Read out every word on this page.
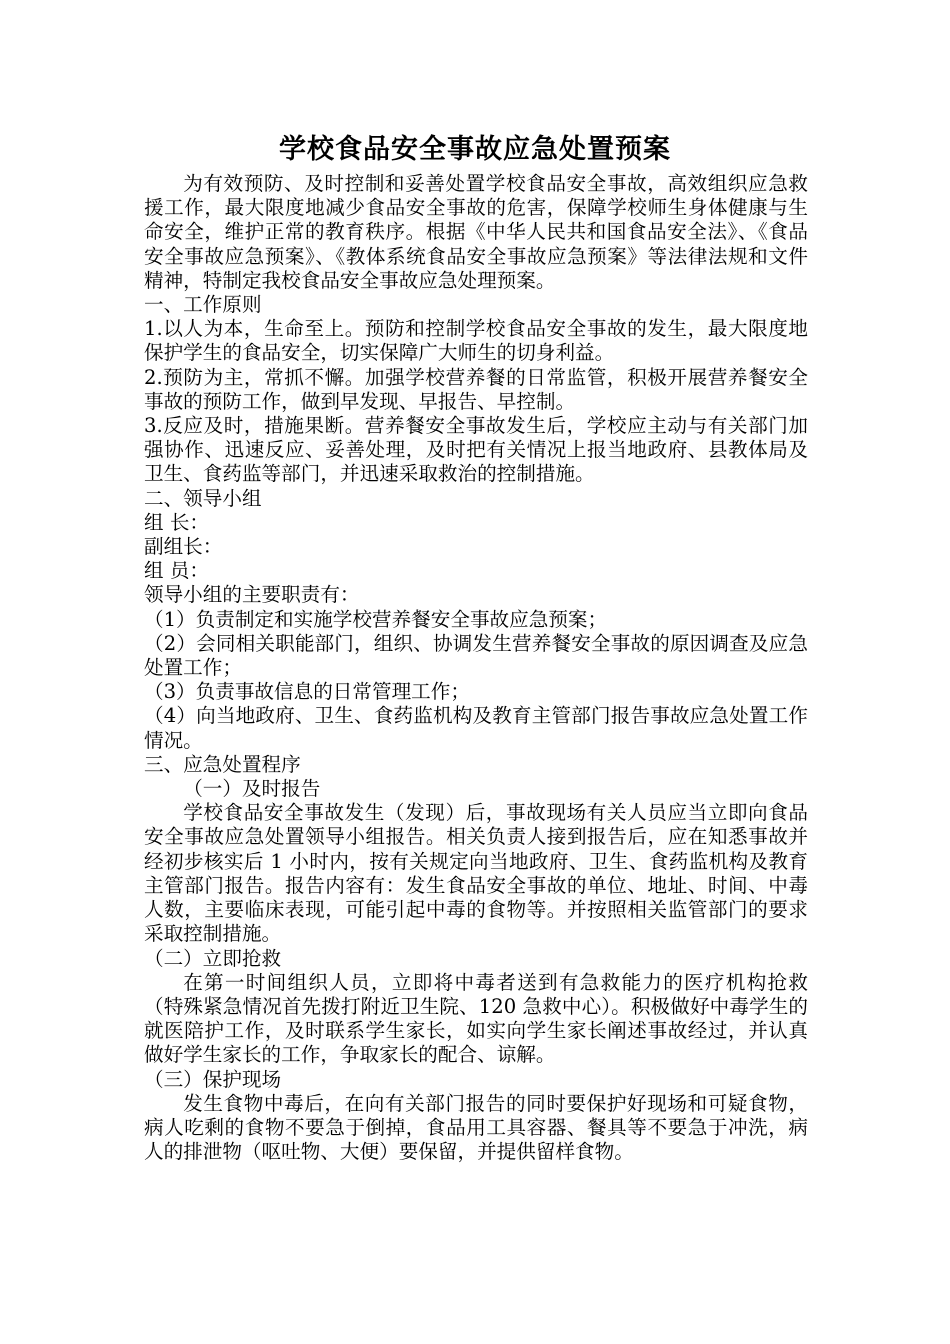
学校食品安全事故应急处置预案

为有效预防、及时控制和妥善处置学校食品安全事故，高效组织应急救援工作，最大限度地减少食品安全事故的危害，保障学校师生身体健康与生命安全，维护正常的教育秩序。根据《中华人民共和国食品安全法》、《食品安全事故应急预案》、《教体系统食品安全事故应急预案》等法律法规和文件精神，特制定我校食品安全事故应急处理预案。

一、工作原则

1.以人为本，生命至上。预防和控制学校食品安全事故的发生，最大限度地保护学生的食品安全，切实保障广大师生的切身利益。

2.预防为主，常抓不懈。加强学校营养餐的日常监管，积极开展营养餐安全事故的预防工作，做到早发现、早报告、早控制。

3.反应及时，措施果断。营养餐安全事故发生后，学校应主动与有关部门加强协作、迅速反应、妥善处理，及时把有关情况上报当地政府、县教体局及卫生、食药监等部门，并迅速采取救治的控制措施。

二、领导小组

组 长：

副组长：

组 员：

领导小组的主要职责有：

（1）负责制定和实施学校营养餐安全事故应急预案；

（2）会同相关职能部门，组织、协调发生营养餐安全事故的原因调查及应急处置工作；

（3）负责事故信息的日常管理工作；

（4）向当地政府、卫生、食药监机构及教育主管部门报告事故应急处置工作情况。

三、应急处置程序

（一）及时报告

学校食品安全事故发生（发现）后，事故现场有关人员应当立即向食品安全事故应急处置领导小组报告。相关负责人接到报告后，应在知悉事故并经初步核实后 1 小时内，按有关规定向当地政府、卫生、食药监机构及教育主管部门报告。报告内容有：发生食品安全事故的单位、地址、时间、中毒人数，主要临床表现，可能引起中毒的食物等。并按照相关监管部门的要求采取控制措施。

（二）立即抢救

在第一时间组织人员，立即将中毒者送到有急救能力的医疗机构抢救（特殊紧急情况首先拨打附近卫生院、120 急救中心）。积极做好中毒学生的就医陪护工作，及时联系学生家长，如实向学生家长阐述事故经过，并认真做好学生家长的工作，争取家长的配合、谅解。

（三）保护现场

发生食物中毒后，在向有关部门报告的同时要保护好现场和可疑食物，病人吃剩的食物不要急于倒掉，食品用工具容器、餐具等不要急于冲洗，病人的排泄物（呕吐物、大便）要保留，并提供留样食物。
